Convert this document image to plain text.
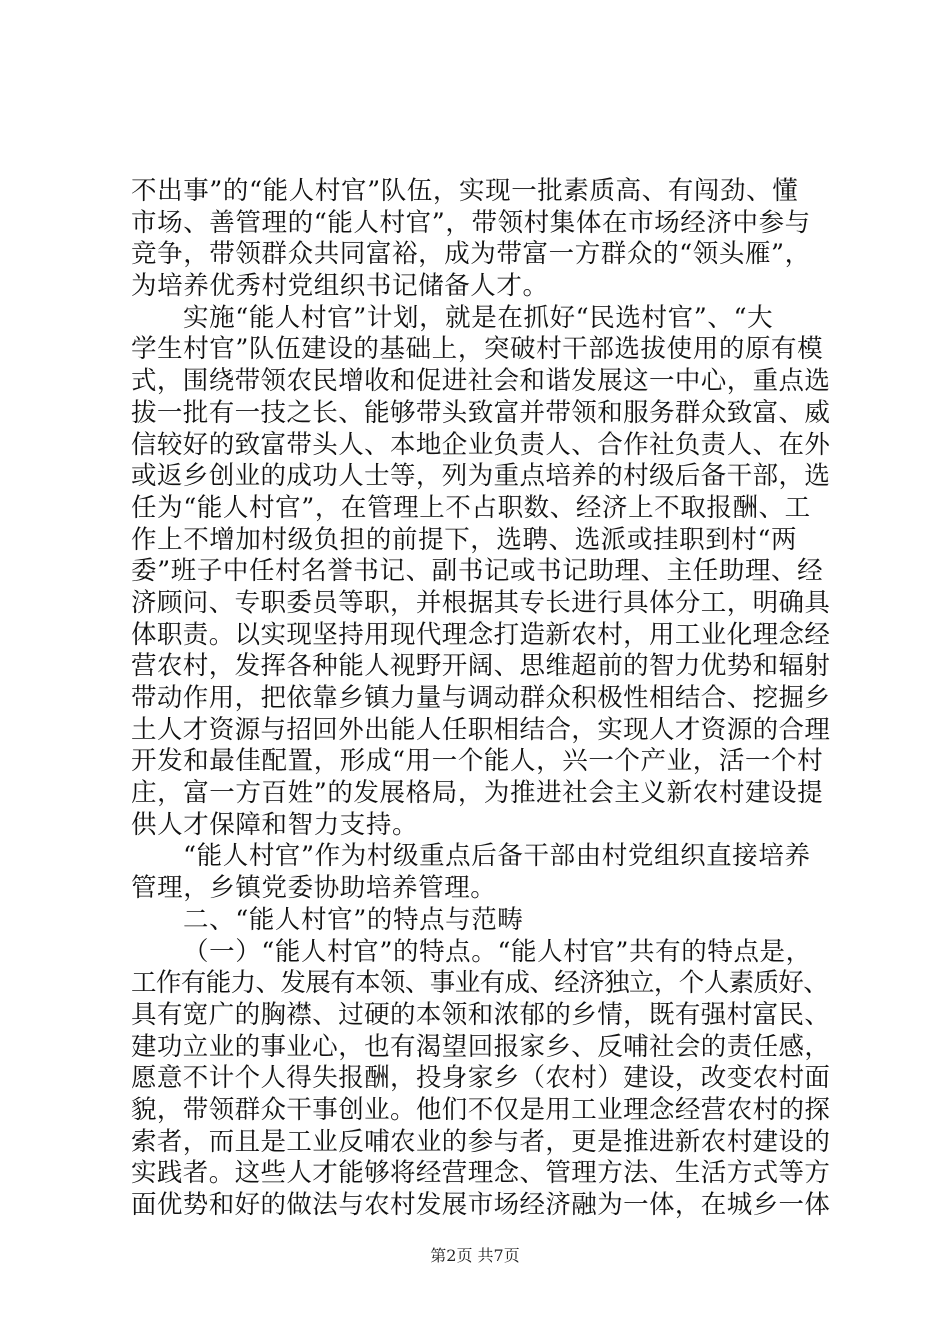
不出事”的“能人村官”队伍，实现一批素质高、有闯劲、懂
市场、善管理的“能人村官”，带领村集体在市场经济中参与
竞争，带领群众共同富裕，成为带富一方群众的“领头雁”，
为培养优秀村党组织书记储备人才。
实施“能人村官”计划，就是在抓好“民选村官”、“大
学生村官”队伍建设的基础上，突破村干部选拔使用的原有模
式，围绕带领农民增收和促进社会和谐发展这一中心，重点选
拔一批有一技之长、能够带头致富并带领和服务群众致富、威
信较好的致富带头人、本地企业负责人、合作社负责人、在外
或返乡创业的成功人士等，列为重点培养的村级后备干部，选
任为“能人村官”，在管理上不占职数、经济上不取报酬、工
作上不增加村级负担的前提下，选聘、选派或挂职到村“两
委”班子中任村名誉书记、副书记或书记助理、主任助理、经
济顾问、专职委员等职，并根据其专长进行具体分工，明确具
体职责。以实现坚持用现代理念打造新农村，用工业化理念经
营农村，发挥各种能人视野开阔、思维超前的智力优势和辐射
带动作用，把依靠乡镇力量与调动群众积极性相结合、挖掘乡
土人才资源与招回外出能人任职相结合，实现人才资源的合理
开发和最佳配置，形成“用一个能人，兴一个产业，活一个村
庄，富一方百姓”的发展格局，为推进社会主义新农村建设提
供人才保障和智力支持。
“能人村官”作为村级重点后备干部由村党组织直接培养
管理，乡镇党委协助培养管理。
二、“能人村官”的特点与范畴
（一）“能人村官”的特点。“能人村官”共有的特点是，
工作有能力、发展有本领、事业有成、经济独立，个人素质好、
具有宽广的胸襟、过硬的本领和浓郁的乡情，既有强村富民、
建功立业的事业心，也有渴望回报家乡、反哺社会的责任感，
愿意不计个人得失报酬，投身家乡（农村）建设，改变农村面
貌，带领群众干事创业。他们不仅是用工业理念经营农村的探
索者，而且是工业反哺农业的参与者，更是推进新农村建设的
实践者。这些人才能够将经营理念、管理方法、生活方式等方
面优势和好的做法与农村发展市场经济融为一体，在城乡一体
第2页 共7页
